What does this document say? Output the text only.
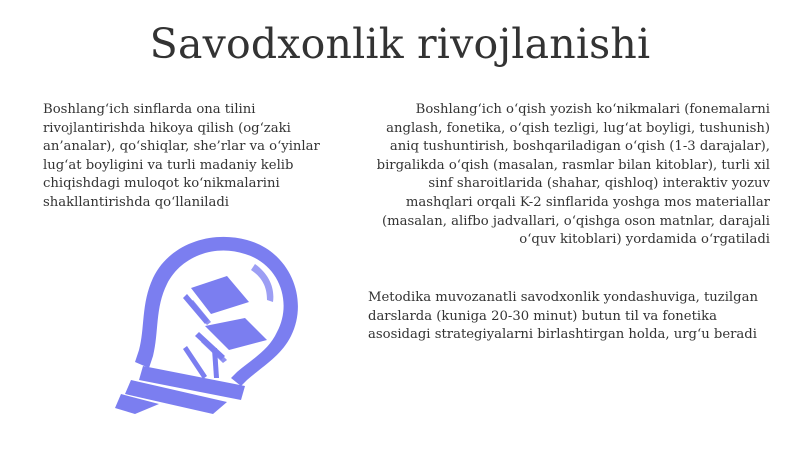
Savodxonlik rivojlanishi

Boshlang‘ich sinflarda ona tilini rivojlantirishda hikoya qilish (og‘zaki an’analar), qo‘shiqlar, she’rlar va o‘yinlar lug‘at boyligini va turli madaniy kelib chiqishdagi muloqot ko‘nikmalarini shakllantirishda qo‘llaniladi

Boshlang‘ich o‘qish yozish ko‘nikmalari (fonemalarni anglash, fonetika, o‘qish tezligi, lug‘at boyligi, tushunish) aniq tushuntirish, boshqariladigan o‘qish (1-3 darajalar), birgalikda o‘qish (masalan, rasmlar bilan kitoblar), turli xil sinf sharoitlarida (shahar, qishloq) interaktiv yozuv mashqlari orqali K-2 sinflarida yoshga mos materiallar (masalan, alifbo jadvallari, o‘qishga oson matnlar, darajali o‘quv kitoblari) yordamida o‘rgatiladi

Metodika muvozanatli savodxonlik yondashuviga, tuzilgan darslarda (kuniga 20-30 minut) butun til va fonetika asosidagi strategiyalarni birlashtirgan holda, urg‘u beradi
